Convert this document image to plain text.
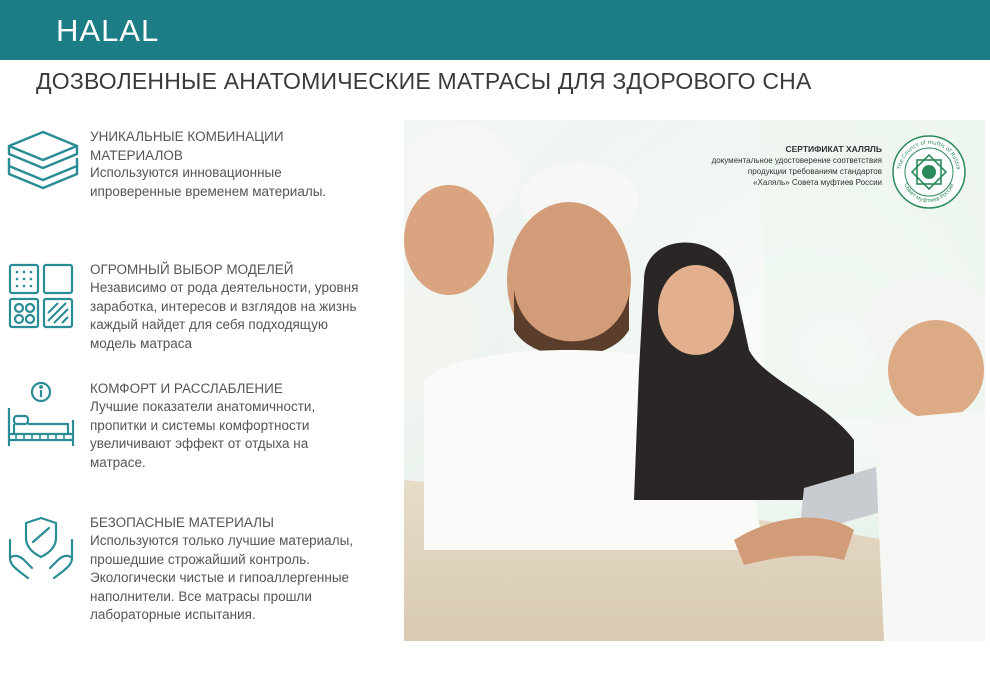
HALAL
ДОЗВОЛЕННЫЕ АНАТОМИЧЕСКИЕ МАТРАСЫ ДЛЯ ЗДОРОВОГО СНА
УНИКАЛЬНЫЕ КОМБИНАЦИИ
МАТЕРИАЛОВ
Используются инновационные
ипроверенные временем материалы.
ОГРОМНЫЙ ВЫБОР МОДЕЛЕЙ
Независимо от рода деятельности, уровня
заработка, интересов и взглядов на жизнь
каждый найдет для себя подходящую
модель матраса
КОМФОРТ И РАССЛАБЛЕНИЕ
Лучшие показатели анатомичности,
пропитки и системы комфортности
увеличивают эффект от отдыха на
матрасе.
БЕЗОПАСНЫЕ МАТЕРИАЛЫ
Используются только лучшие материалы,
прошедшие строжайший контроль.
Экологически чистые и гипоаллергенные
наполнители. Все матрасы прошли
лабораторные испытания.
СЕРТИФИКАТ ХАЛЯЛЬ
документальное удостоверение соответствия
продукции требованиям стандартов
«Халяль» Совета муфтиев России
The Council of muftis of Russia
Совет муфтиев России
